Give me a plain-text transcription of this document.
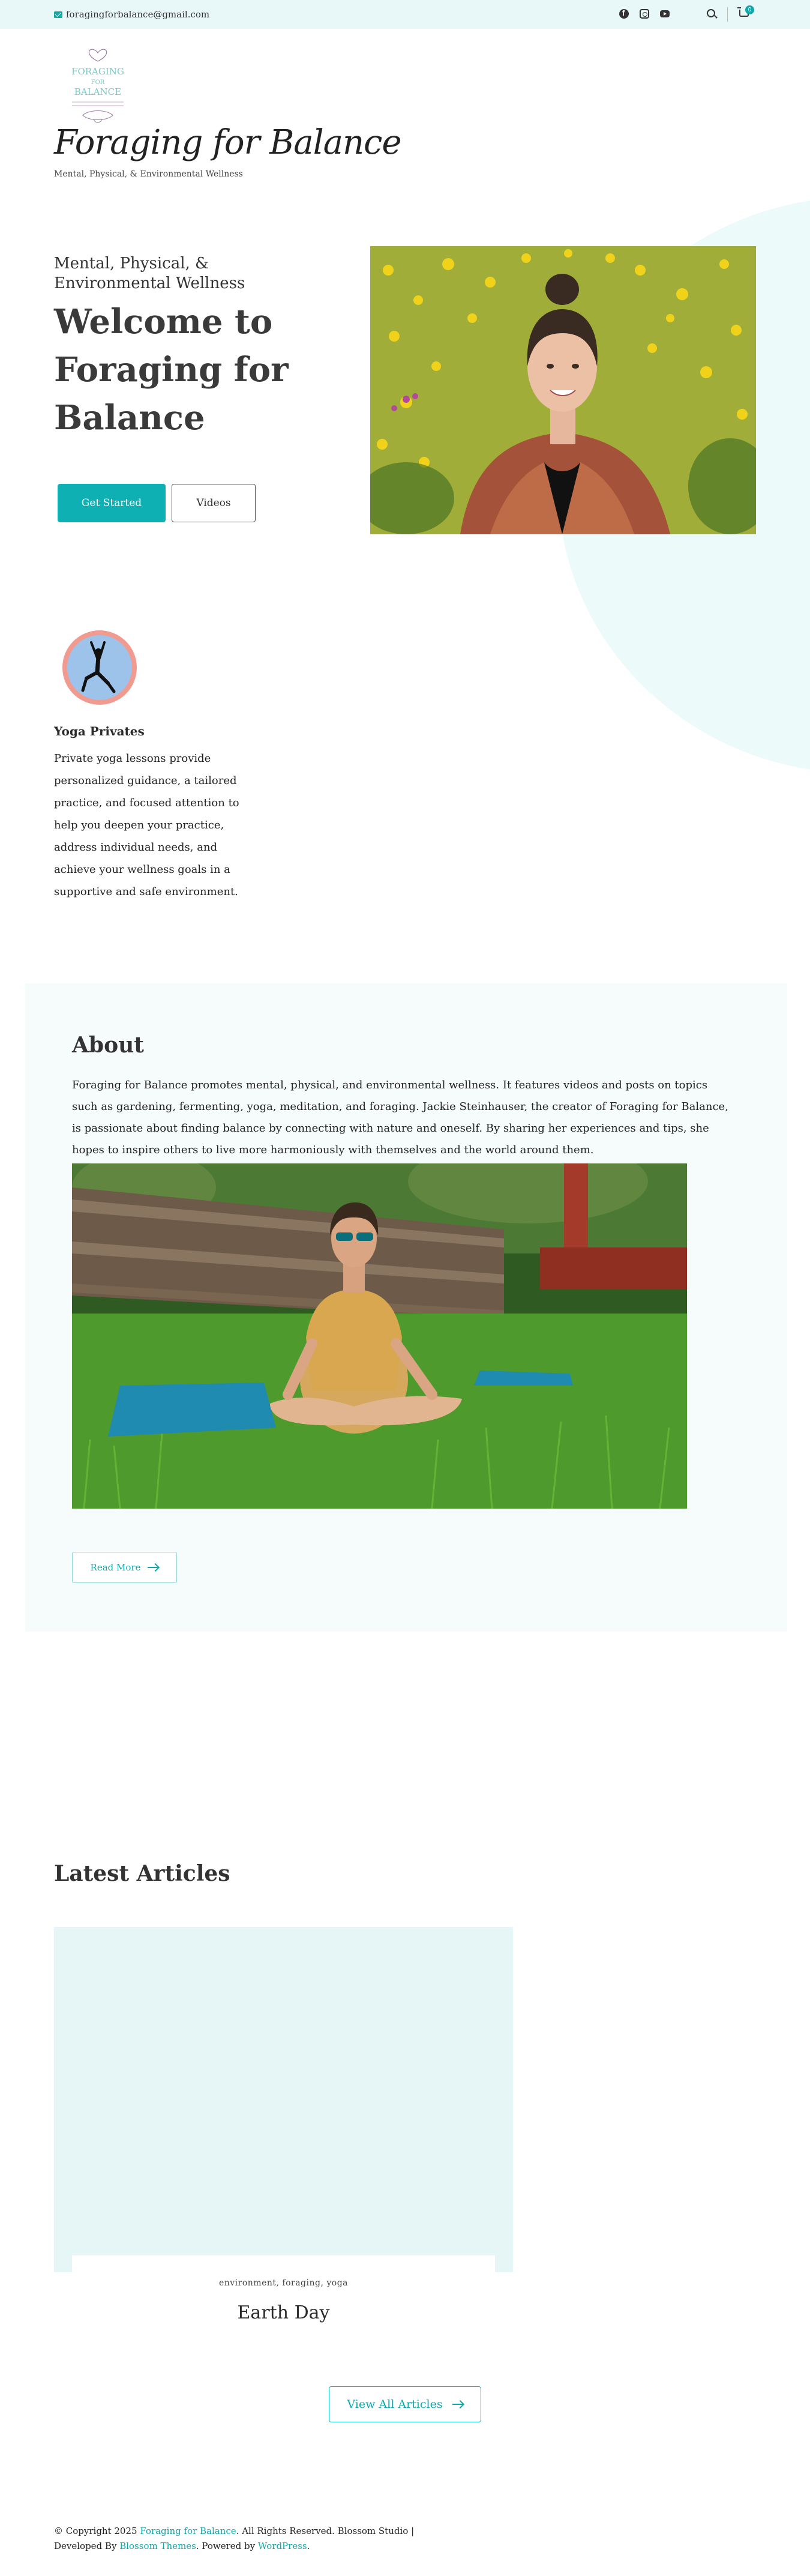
foragingforbalance@gmail.com
f	0
FORAGING
FOR
BALANCE
Foraging for Balance
Mental, Physical, & Environmental Wellness
Mental, Physical, & Environmental Wellness
Welcome to Foraging for Balance
Get Started	Videos
Yoga Privates
Private yoga lessons provide personalized guidance, a tailored practice, and focused attention to help you deepen your practice, address individual needs, and achieve your wellness goals in a supportive and safe environment.
About
Foraging for Balance promotes mental, physical, and environmental wellness. It features videos and posts on topics such as gardening, fermenting, yoga, meditation, and foraging. Jackie Steinhauser, the creator of Foraging for Balance, is passionate about finding balance by connecting with nature and oneself. By sharing her experiences and tips, she hopes to inspire others to live more harmoniously with themselves and the world around them.
Read More
Latest Articles
environment, foraging, yoga
Earth Day
View All Articles
© Copyright 2025 Foraging for Balance. All Rights Reserved. Blossom Studio |
Developed By Blossom Themes. Powered by WordPress.
